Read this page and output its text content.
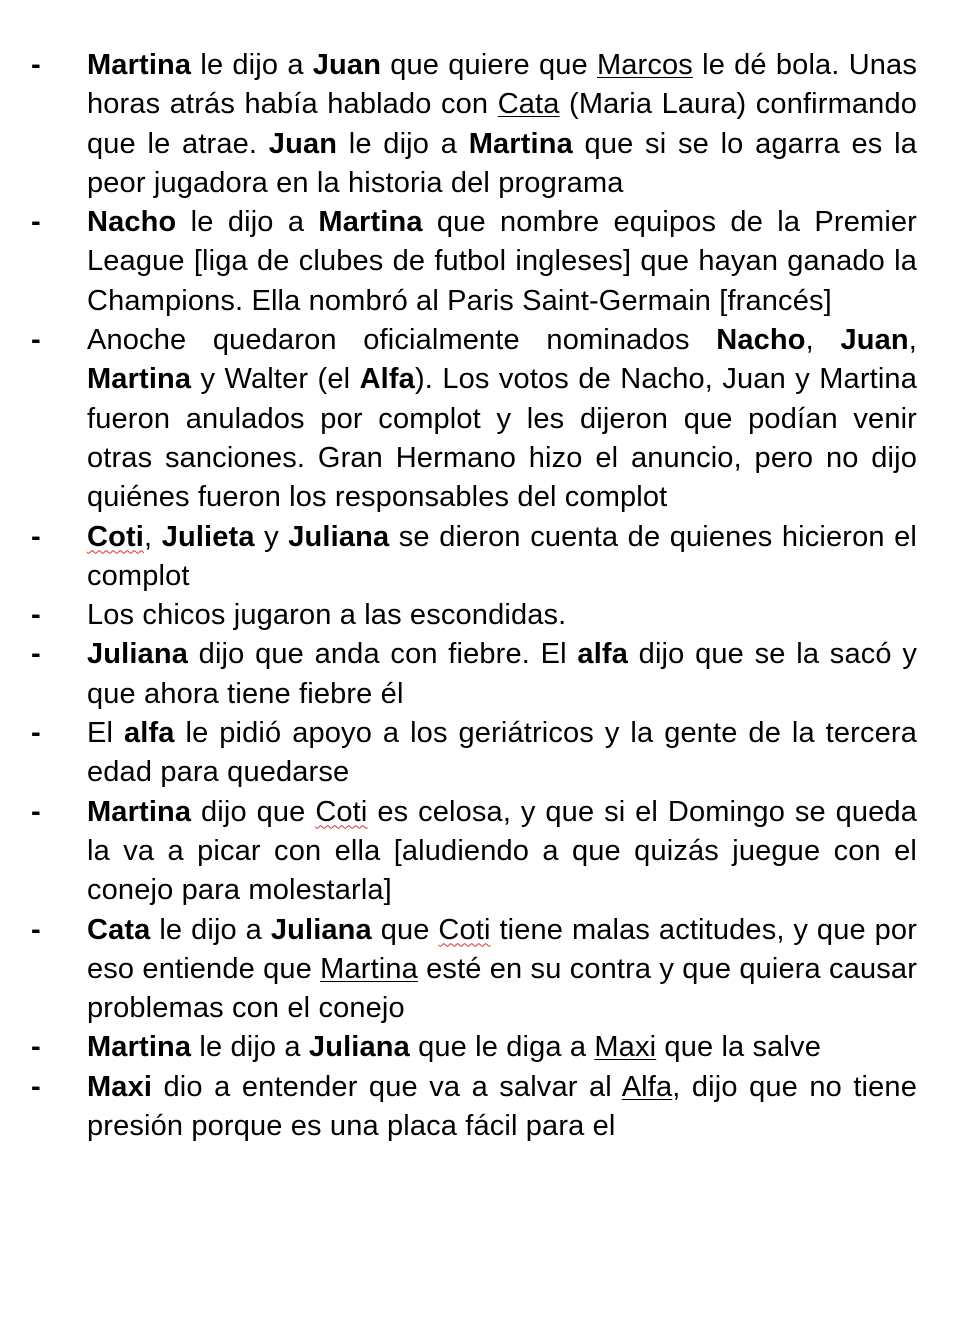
-	Martina le dijo a Juan que quiere que Marcos le dé bola. Unas horas atrás había hablado con Cata (Maria Laura) confirmando que le atrae. Juan le dijo a Martina que si se lo agarra es la peor jugadora en la historia del programa
-	Nacho le dijo a Martina que nombre equipos de la Premier League [liga de clubes de futbol ingleses] que hayan ganado la Champions. Ella nombró al Paris Saint-Germain [francés]
-	Anoche quedaron oficialmente nominados Nacho, Juan, Martina y Walter (el Alfa). Los votos de Nacho, Juan y Martina fueron anulados por complot y les dijeron que podían venir otras sanciones. Gran Hermano hizo el anuncio, pero no dijo quiénes fueron los responsables del complot
-	Coti, Julieta y Juliana se dieron cuenta de quienes hicieron el complot
-	Los chicos jugaron a las escondidas.
-	Juliana dijo que anda con fiebre. El alfa dijo que se la sacó y que ahora tiene fiebre él
-	El alfa le pidió apoyo a los geriátricos y la gente de la tercera edad para quedarse
-	Martina dijo que Coti es celosa, y que si el Domingo se queda la va a picar con ella [aludiendo a que quizás juegue con el conejo para molestarla]
-	Cata le dijo a Juliana que Coti tiene malas actitudes, y que por eso entiende que Martina esté en su contra y que quiera causar problemas con el conejo
-	Martina le dijo a Juliana que le diga a Maxi que la salve
-	Maxi dio a entender que va a salvar al Alfa, dijo que no tiene presión porque es una placa fácil para el
